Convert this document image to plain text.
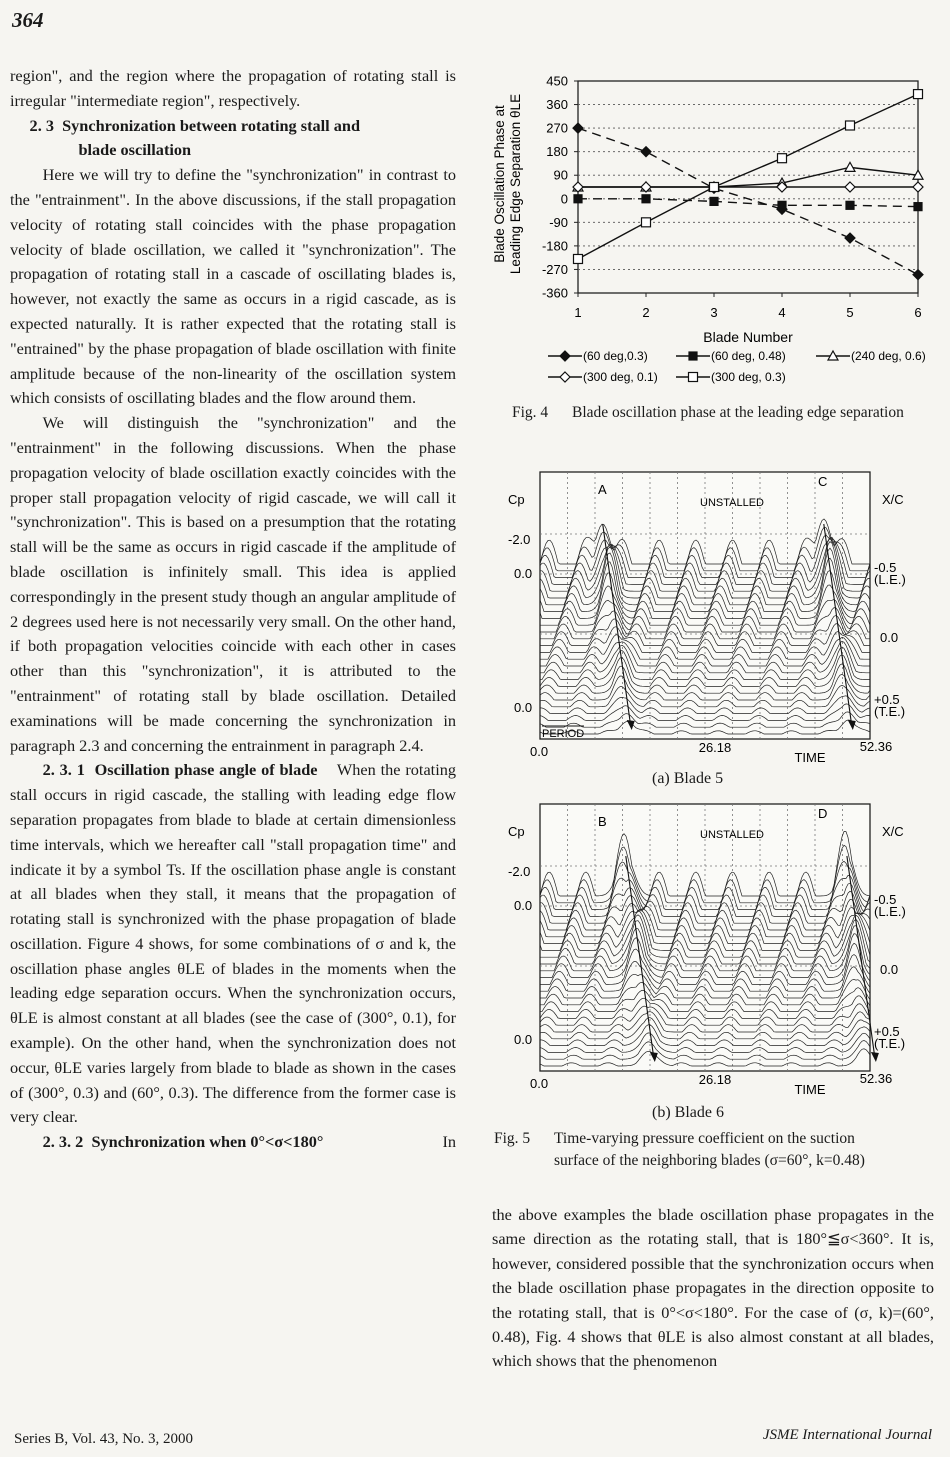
364

region", and the region where the propagation of rotating stall is irregular "intermediate region", respectively.

2. 3 Synchronization between rotating stall and
blade oscillation

Here we will try to define the "synchronization" in contrast to the "entrainment". In the above discussions, if the stall propagation velocity of rotating stall coincides with the phase propagation velocity of blade oscillation, we called it "synchronization". The propagation of rotating stall in a cascade of oscillating blades is, however, not exactly the same as occurs in a rigid cascade, as is expected naturally. It is rather expected that the rotating stall is "entrained" by the phase propagation of blade oscillation with finite amplitude because of the non-linearity of the oscillation system which consists of oscillating blades and the flow around them.

We will distinguish the "synchronization" and the "entrainment" in the following discussions. When the phase propagation velocity of blade oscillation exactly coincides with the proper stall propagation velocity of rigid cascade, we will call it "synchronization". This is based on a presumption that the rotating stall will be the same as occurs in rigid cascade if the amplitude of blade oscillation is infinitely small. This idea is applied correspondingly in the present study though an angular amplitude of 2 degrees used here is not necessarily very small. On the other hand, if both propagation velocities coincide with each other in cases other than this "synchronization", it is attributed to the "entrainment" of rotating stall by blade oscillation. Detailed examinations will be made concerning the synchronization in paragraph 2.3 and concerning the entrainment in paragraph 2.4.

2. 3. 1 Oscillation phase angle of blade When the rotating stall occurs in rigid cascade, the stalling with leading edge flow separation propagates from blade to blade at certain dimensionless time intervals, which we hereafter call "stall propagation time" and indicate it by a symbol Ts. If the oscillation phase angle is constant at all blades when they stall, it means that the propagation of rotating stall is synchronized with the phase propagation of blade oscillation. Figure 4 shows, for some combinations of σ and k, the oscillation phase angles θLE of blades in the moments when the leading edge separation occurs. When the synchronization occurs, θLE is almost constant at all blades (see the case of (300°, 0.1), for example). On the other hand, when the synchronization does not occur, θLE varies largely from blade to blade as shown in the cases of (300°, 0.3) and (60°, 0.3). The difference from the former case is very clear.

2. 3. 2 Synchronization when 0°<σ<180°	In

Blade Oscillation Phase at Leading Edge Separation θLE
450
360
270
180
90
0
-90
-180
-270
-360
1	2	3	4	5	6
Blade Number
(60 deg,0.3)	(60 deg, 0.48)	(240 deg, 0.6)
(300 deg, 0.1)	(300 deg, 0.3)
Fig. 4 Blade oscillation phase at the leading edge separation
Cp
-2.0
0.0
0.0
X/C
-0.5
(L.E.)
0.0
+0.5
(T.E.)
A
C
UNSTALLED
PERIOD
0.0	26.18	52.36
TIME
(a) Blade 5
Cp
-2.0
0.0
0.0
X/C
-0.5
(L.E.)
0.0
+0.5
(T.E.)
B
D
UNSTALLED
0.0	26.18	52.36
TIME
(b) Blade 6
Fig. 5 Time-varying pressure coefficient on the suction
surface of the neighboring blades (σ=60°, k=0.48)

the above examples the blade oscillation phase propagates in the same direction as the rotating stall, that is 180°≦σ<360°. It is, however, considered possible that the synchronization occurs when the blade oscillation phase propagates in the direction opposite to the rotating stall, that is 0°<σ<180°. For the case of (σ, k)=(60°, 0.48), Fig. 4 shows that θLE is also almost constant at all blades, which shows that the phenomenon

Series B, Vol. 43, No. 3, 2000	JSME International Journal
